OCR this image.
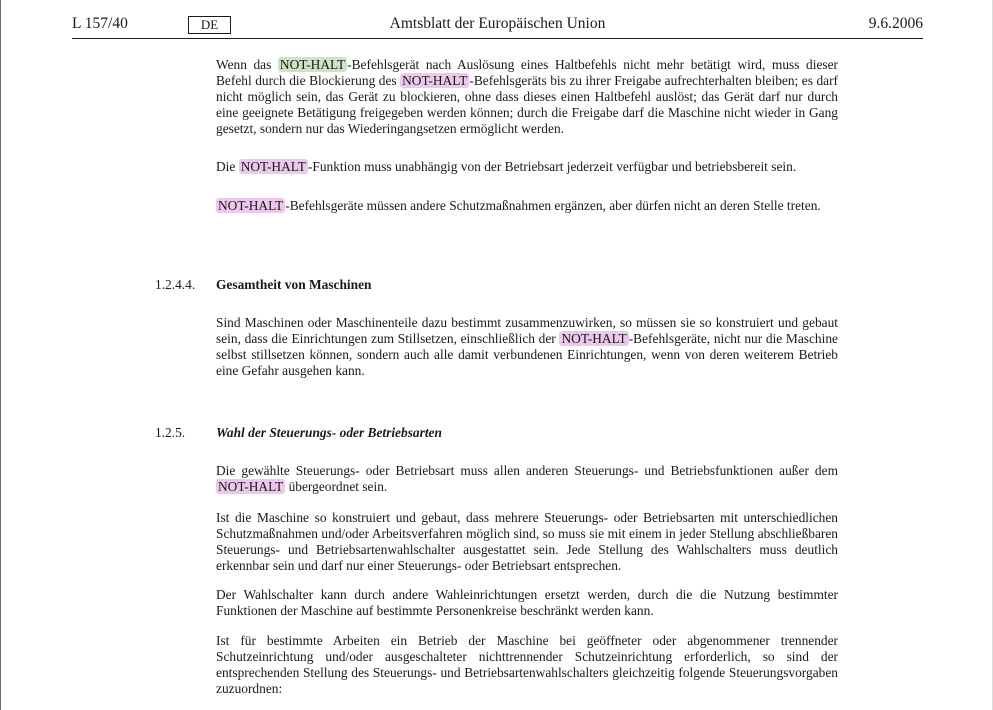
L 157/40	DE	Amtsblatt der Europäischen Union	9.6.2006

Wenn das NOT-HALT -Befehlsgerät nach Auslösung eines Haltbefehls nicht mehr betätigt wird, muss dieser Befehl durch die Blockierung des NOT-HALT -Befehlsgeräts bis zu ihrer Freigabe aufrechterhalten bleiben; es darf nicht möglich sein, das Gerät zu blockieren, ohne dass dieses einen Haltbefehl auslöst; das Gerät darf nur durch eine geeignete Betätigung freigegeben werden können; durch die Freigabe darf die Maschine nicht wieder in Gang gesetzt, sondern nur das Wiederingangsetzen ermöglicht werden.

Die NOT-HALT -Funktion muss unabhängig von der Betriebsart jederzeit verfügbar und betriebsbereit sein.

NOT-HALT -Befehlsgeräte müssen andere Schutzmaßnahmen ergänzen, aber dürfen nicht an deren Stelle treten.

1.2.4.4. Gesamtheit von Maschinen

Sind Maschinen oder Maschinenteile dazu bestimmt zusammenzuwirken, so müssen sie so konstruiert und gebaut sein, dass die Einrichtungen zum Stillsetzen, einschließlich der NOT-HALT -Befehlsgeräte, nicht nur die Maschine selbst stillsetzen können, sondern auch alle damit verbundenen Einrichtungen, wenn von deren weiterem Betrieb eine Gefahr ausgehen kann.

1.2.5. Wahl der Steuerungs- oder Betriebsarten

Die gewählte Steuerungs- oder Betriebsart muss allen anderen Steuerungs- und Betriebsfunktionen außer dem NOT-HALT übergeordnet sein.

Ist die Maschine so konstruiert und gebaut, dass mehrere Steuerungs- oder Betriebsarten mit unterschiedlichen Schutzmaßnahmen und/oder Arbeitsverfahren möglich sind, so muss sie mit einem in jeder Stellung abschließbaren Steuerungs- und Betriebsartenwahlschalter ausgestattet sein. Jede Stellung des Wahlschalters muss deutlich erkennbar sein und darf nur einer Steuerungs- oder Betriebsart entsprechen.

Der Wahlschalter kann durch andere Wahleinrichtungen ersetzt werden, durch die die Nutzung bestimmter Funktionen der Maschine auf bestimmte Personenkreise beschränkt werden kann.

Ist für bestimmte Arbeiten ein Betrieb der Maschine bei geöffneter oder abgenommener trennender Schutzeinrichtung und/oder ausgeschalteter nichttrennender Schutzeinrichtung erforderlich, so sind der entsprechenden Stellung des Steuerungs- und Betriebsartenwahlschalters gleichzeitig folgende Steuerungsvorgaben zuzuordnen:
